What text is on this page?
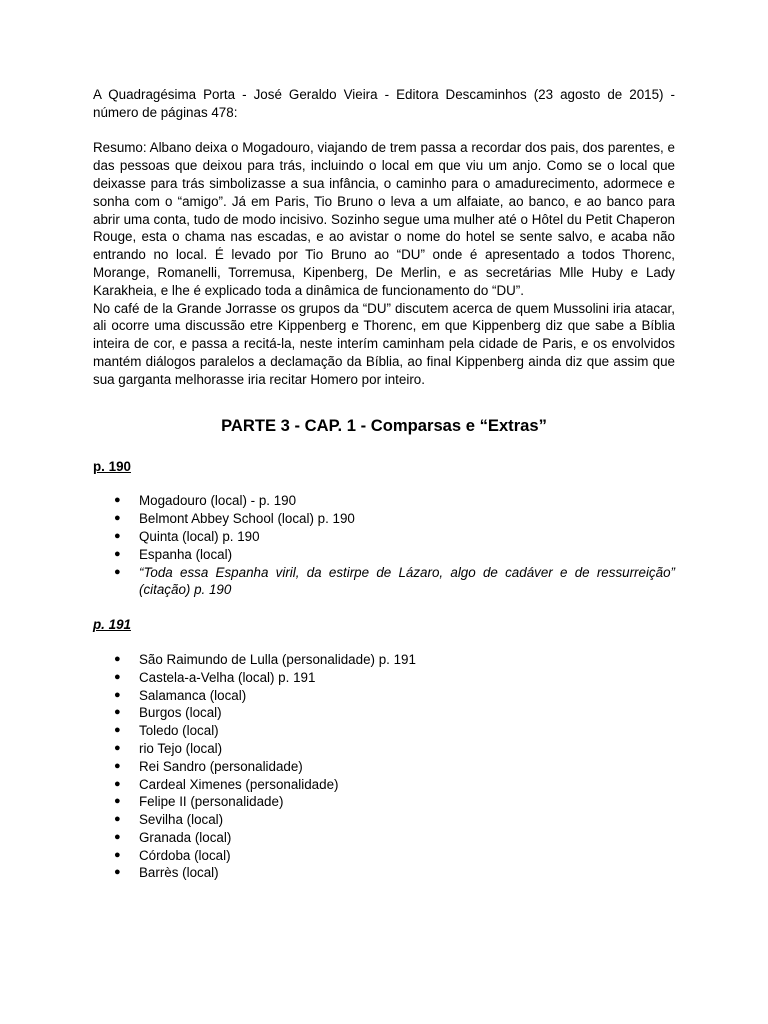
A Quadragésima Porta - José Geraldo Vieira - Editora Descaminhos (23 agosto de 2015) - número de páginas 478:

Resumo: Albano deixa o Mogadouro, viajando de trem passa a recordar dos pais, dos parentes, e das pessoas que deixou para trás, incluindo o local em que viu um anjo. Como se o local que deixasse para trás simbolizasse a sua infância, o caminho para o amadurecimento, adormece e sonha com o “amigo”. Já em Paris, Tio Bruno o leva a um alfaiate, ao banco, e ao banco para abrir uma conta, tudo de modo incisivo. Sozinho segue uma mulher até o Hôtel du Petit Chaperon Rouge, esta o chama nas escadas, e ao avistar o nome do hotel se sente salvo, e acaba não entrando no local. É levado por Tio Bruno ao “DU” onde é apresentado a todos Thorenc, Morange, Romanelli, Torremusa, Kipenberg, De Merlin, e as secretárias Mlle Huby e Lady Karakheia, e lhe é explicado toda a dinâmica de funcionamento do “DU”.

No café de la Grande Jorrasse os grupos da “DU” discutem acerca de quem Mussolini iria atacar, ali ocorre uma discussão etre Kippenberg e Thorenc, em que Kippenberg diz que sabe a Bíblia inteira de cor, e passa a recitá-la, neste interím caminham pela cidade de Paris, e os envolvidos mantém diálogos paralelos a declamação da Bíblia, ao final Kippenberg ainda diz que assim que sua garganta melhorasse iria recitar Homero por inteiro.

PARTE 3 - CAP. 1 - Comparsas e “Extras”

p. 190

● Mogadouro (local) - p. 190
● Belmont Abbey School (local) p. 190
● Quinta (local) p. 190
● Espanha (local)
● “Toda essa Espanha viril, da estirpe de Lázaro, algo de cadáver e de ressurreição” (citação) p. 190

p. 191

● São Raimundo de Lulla (personalidade) p. 191
● Castela-a-Velha (local) p. 191
● Salamanca (local)
● Burgos (local)
● Toledo (local)
● rio Tejo (local)
● Rei Sandro (personalidade)
● Cardeal Ximenes (personalidade)
● Felipe II (personalidade)
● Sevilha (local)
● Granada (local)
● Córdoba (local)
● Barrès (local)
